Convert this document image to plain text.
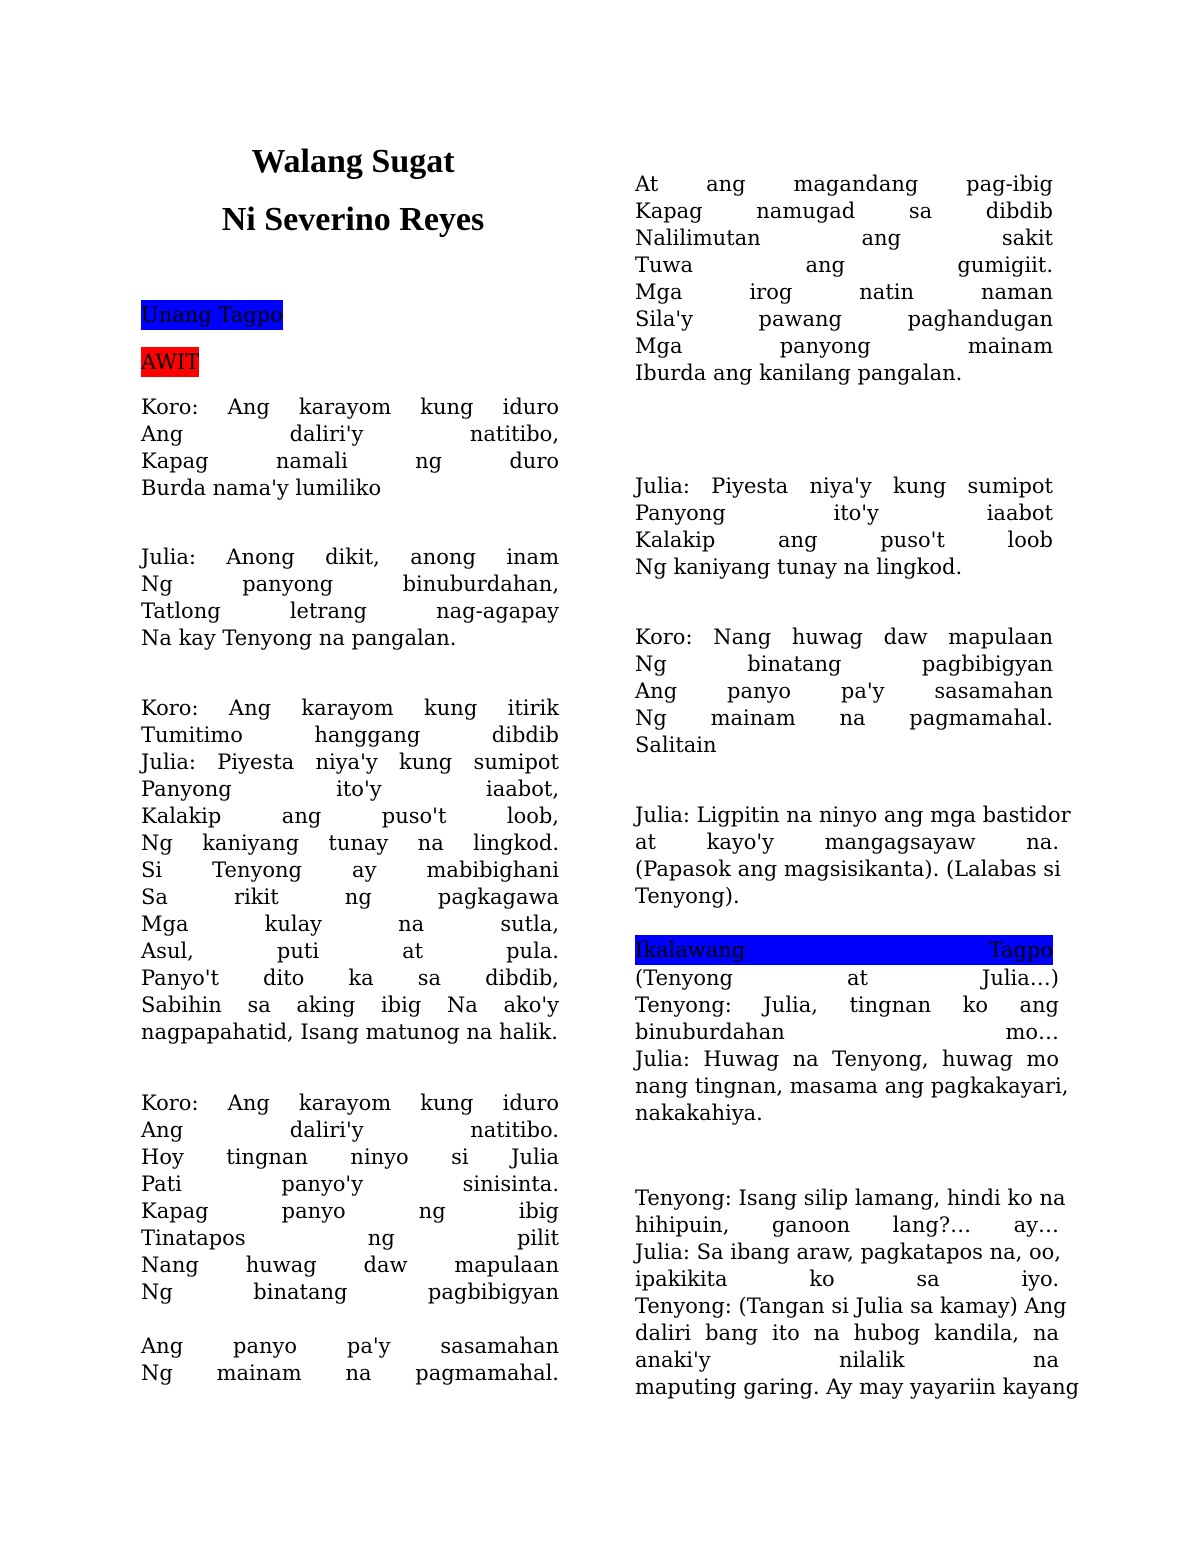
Walang Sugat
Ni Severino Reyes
Unang Tagpo
AWIT
Koro: Ang karayom kung iduro
Ang daliri'y natitibo,
Kapag namali ng duro
Burda nama'y lumiliko
Julia: Anong dikit, anong inam
Ng panyong binuburdahan,
Tatlong letrang nag-agapay
Na kay Tenyong na pangalan.
Koro: Ang karayom kung itirik
Tumitimo hanggang dibdib
Julia: Piyesta niya'y kung sumipot
Panyong ito'y iaabot,
Kalakip ang puso't loob,
Ng kaniyang tunay na lingkod.
Si Tenyong ay mabibighani
Sa rikit ng pagkagawa
Mga kulay na sutla,
Asul, puti at pula.
Panyo't dito ka sa dibdib,
Sabihin sa aking ibig Na ako'y
nagpapahatid, Isang matunog na halik.
Koro: Ang karayom kung iduro
Ang daliri'y natitibo.
Hoy tingnan ninyo si Julia
Pati panyo'y sinisinta.
Kapag panyo ng ibig
Tinatapos ng pilit
Nang huwag daw mapulaan
Ng binatang pagbibigyan
Ang panyo pa'y sasamahan
Ng mainam na pagmamahal.
At ang magandang pag-ibig
Kapag namugad sa dibdib
Nalilimutan ang sakit
Tuwa ang gumigiit.
Mga irog natin naman
Sila'y pawang paghandugan
Mga panyong mainam
Iburda ang kanilang pangalan.
Julia: Piyesta niya'y kung sumipot
Panyong ito'y iaabot
Kalakip ang puso't loob
Ng kaniyang tunay na lingkod.
Koro: Nang huwag daw mapulaan
Ng binatang pagbibigyan
Ang panyo pa'y sasamahan
Ng mainam na pagmamahal.
Salitain
Julia: Ligpitin na ninyo ang mga bastidor
at kayo'y mangagsayaw na.
(Papasok ang magsisikanta). (Lalabas si
Tenyong).
Ikalawang Tagpo
(Tenyong at Julia…)
Tenyong: Julia, tingnan ko ang
binuburdahan mo…
Julia: Huwag na Tenyong, huwag mo
nang tingnan, masama ang pagkakayari,
nakakahiya.
Tenyong: Isang silip lamang, hindi ko na
hihipuin, ganoon lang?… ay…
Julia: Sa ibang araw, pagkatapos na, oo,
ipakikita ko sa iyo.
Tenyong: (Tangan si Julia sa kamay) Ang
daliri bang ito na hubog kandila, na
anaki'y nilalik na
maputing garing. Ay may yayariin kayang
